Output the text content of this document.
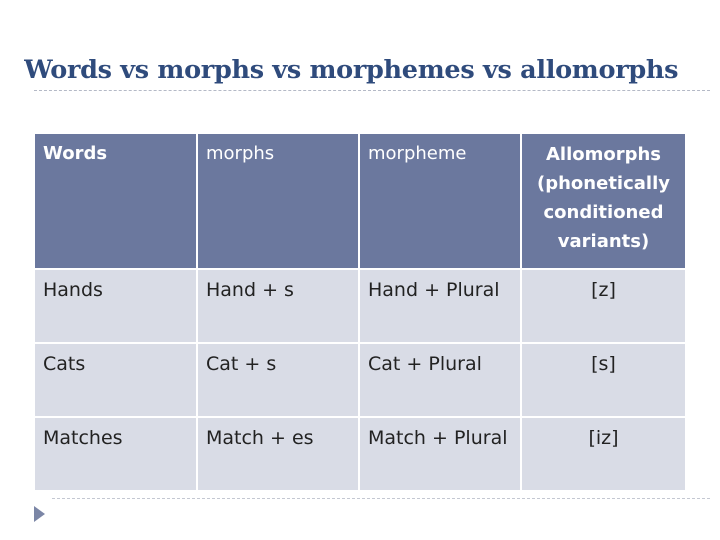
Words vs morphs vs morphemes vs allomorphs
Words	morphs	morpheme	Allomorphs (phonetically conditioned variants)
Hands	Hand + s	Hand + Plural	[z]
Cats	Cat + s	Cat + Plural	[s]
Matches	Match + es	Match + Plural	[iz]
